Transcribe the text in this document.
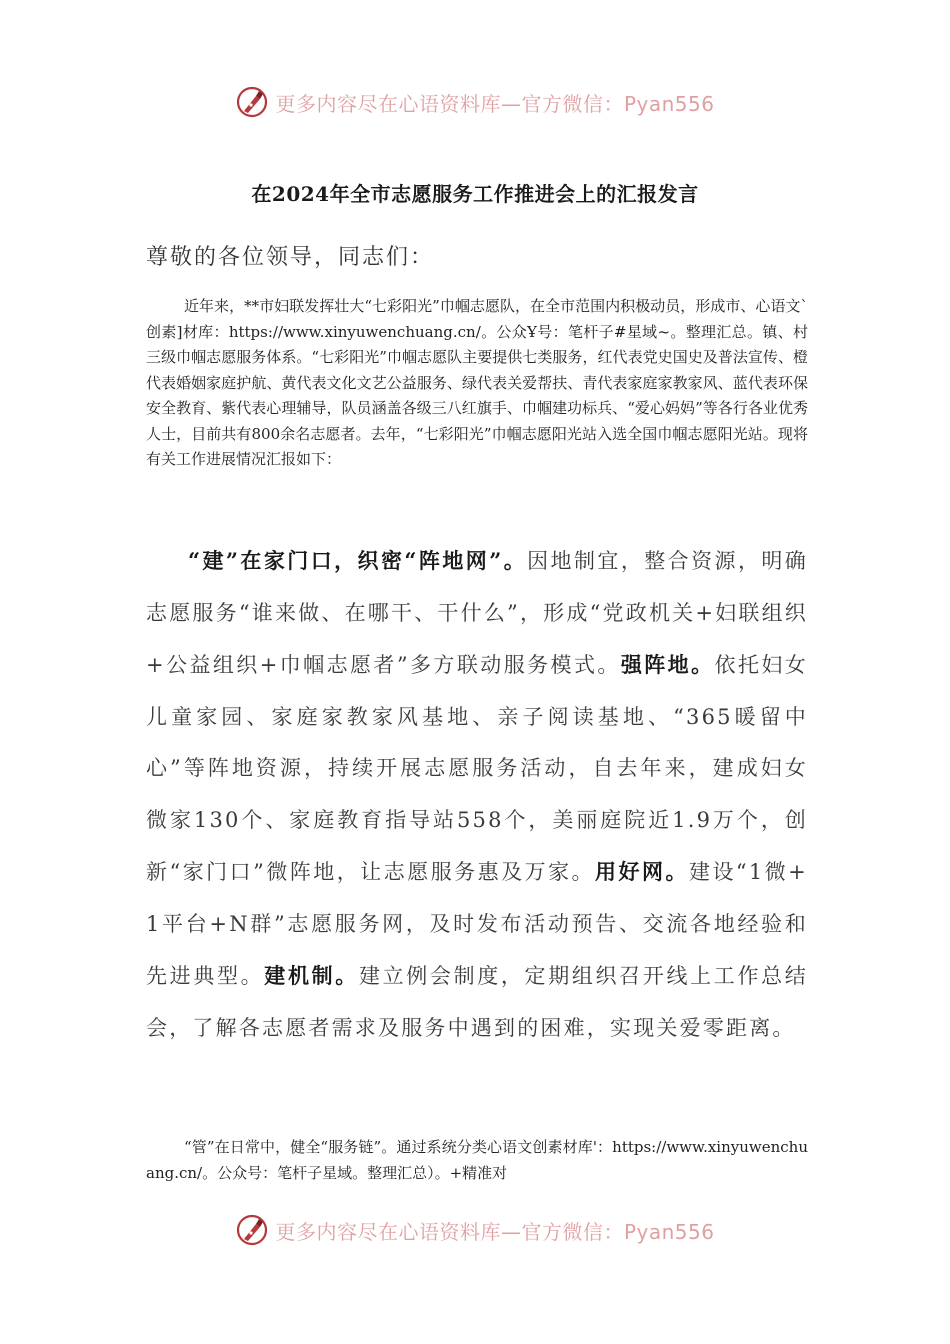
更多内容尽在心语资料库—官方微信：Pyan556
在2024年全市志愿服务工作推进会上的汇报发言
尊敬的各位领导，同志们：
近年来，**市妇联发挥壮大“七彩阳光”巾帼志愿队，在全市范围内积极动员，形成市、心语文`创素]材库：https://www.xinyuwenchuang.cn/。公众Ұ号：笔杆子#星域~。整理汇总。镇、村三级巾帼志愿服务体系。“七彩阳光”巾帼志愿队主要提供七类服务，红代表党史国史及普法宣传、橙代表婚姻家庭护航、黄代表文化文艺公益服务、绿代表关爱帮扶、青代表家庭家教家风、蓝代表环保安全教育、紫代表心理辅导，队员涵盖各级三八红旗手、巾帼建功标兵、“爱心妈妈”等各行各业优秀人士，目前共有800余名志愿者。去年，“七彩阳光”巾帼志愿阳光站入选全国巾帼志愿阳光站。现将有关工作进展情况汇报如下：
“建”在家门口，织密“阵地网”。因地制宜，整合资源，明确志愿服务“谁来做、在哪干、干什么”，形成“党政机关+妇联组织+公益组织+巾帼志愿者”多方联动服务模式。强阵地。依托妇女儿童家园、家庭家教家风基地、亲子阅读基地、“365暖留中心”等阵地资源，持续开展志愿服务活动，自去年来，建成妇女微家130个、家庭教育指导站558个，美丽庭院近1.9万个，创新“家门口”微阵地，让志愿服务惠及万家。用好网。建设“1微+1平台+N群”志愿服务网，及时发布活动预告、交流各地经验和先进典型。建机制。建立例会制度，定期组织召开线上工作总结会，了解各志愿者需求及服务中遇到的困难，实现关爱零距离。
“管”在日常中，健全“服务链”。通过系统分类心语文创素材库'：https://www.xinyuwenchuang.cn/。公众号：笔杆子星域。整理汇总）。+精准对
更多内容尽在心语资料库—官方微信：Pyan556
